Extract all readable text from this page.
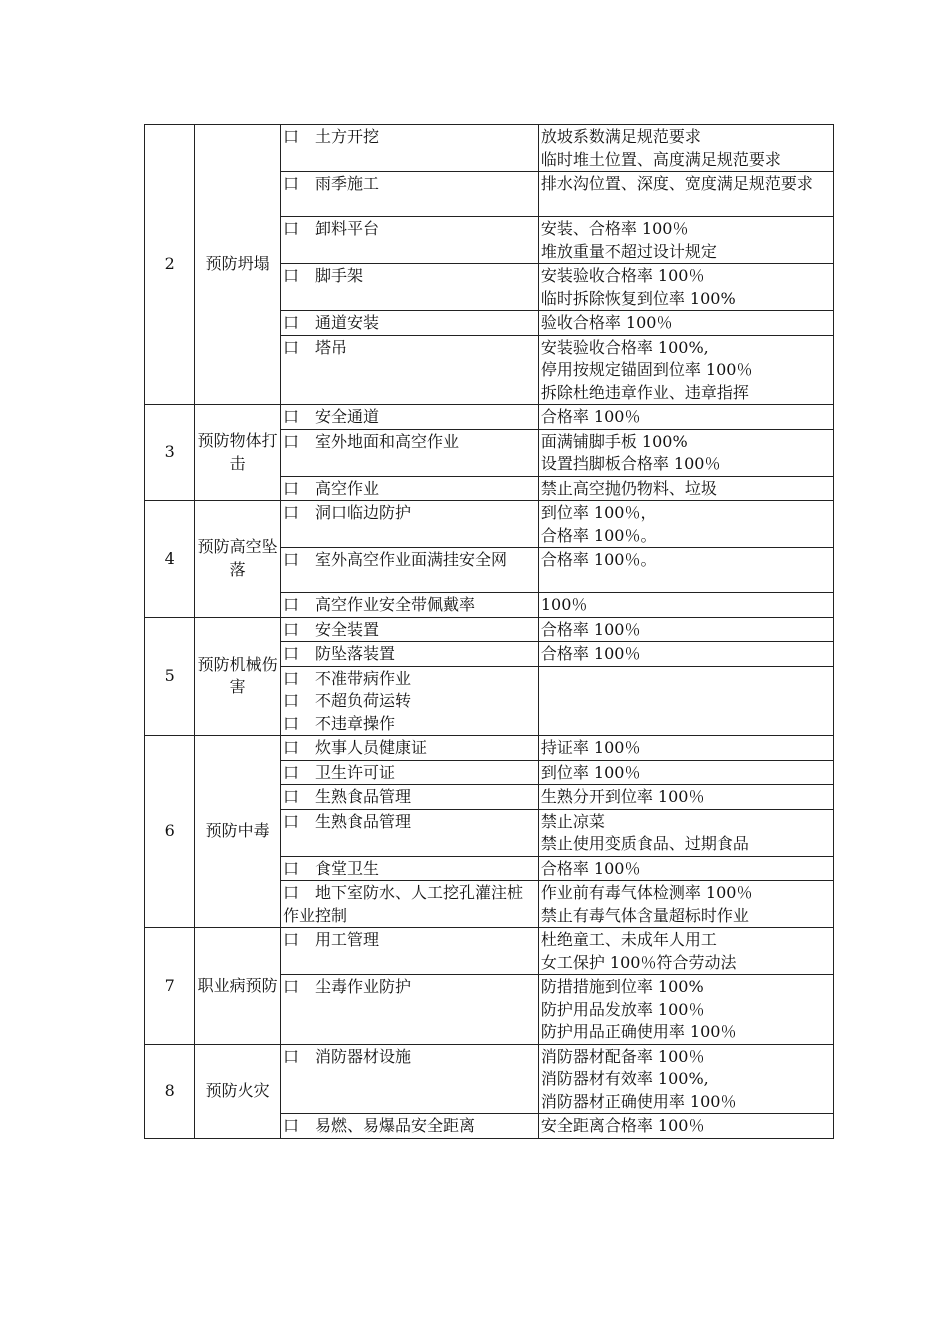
2	预防坍塌	口　土方开挖	放坡系数满足规范要求
临时堆土位置、高度满足规范要求

		口　雨季施工	排水沟位置、深度、宽度满足规范要求

		口　卸料平台	安装、合格率 100％
堆放重量不超过设计规定

		口　脚手架	安装验收合格率 100％
临时拆除恢复到位率 100%

		口　通道安装	验收合格率 100％

		口　塔吊	安装验收合格率 100%,
停用按规定锚固到位率 100％
拆除杜绝违章作业、违章指挥

3	预防物体打击	口　安全通道	合格率 100％

		口　室外地面和高空作业	面满铺脚手板 100%
设置挡脚板合格率 100％

		口　高空作业	禁止高空抛仍物料、垃圾

4	预防高空坠落	口　洞口临边防护	到位率 100％，
合格率 100％。

		口　室外高空作业面满挂安全网	合格率 100％。

		口　高空作业安全带佩戴率	100％

5	预防机械伤害	口　安全装置	合格率 100％

		口　防坠落装置	合格率 100％

		口　不准带病作业
口　不超负荷运转
口　不违章操作	

6	预防中毒	口　炊事人员健康证	持证率 100％

		口　卫生许可证	到位率 100％

		口　生熟食品管理	生熟分开到位率 100％

		口　生熟食品管理	禁止凉菜
禁止使用变质食品、过期食品

		口　食堂卫生	合格率 100％

		口　地下室防水、人工挖孔灌注桩作业控制	作业前有毒气体检测率 100％
禁止有毒气体含量超标时作业

7	职业病预防	口　用工管理	杜绝童工、未成年人用工
女工保护 100％符合劳动法

		口　尘毒作业防护	防措措施到位率 100%
防护用品发放率 100％
防护用品正确使用率 100％

8	预防火灾	口　消防器材设施	消防器材配备率 100％
消防器材有效率 100%,
消防器材正确使用率 100％

		口　易燃、易爆品安全距离	安全距离合格率 100％
